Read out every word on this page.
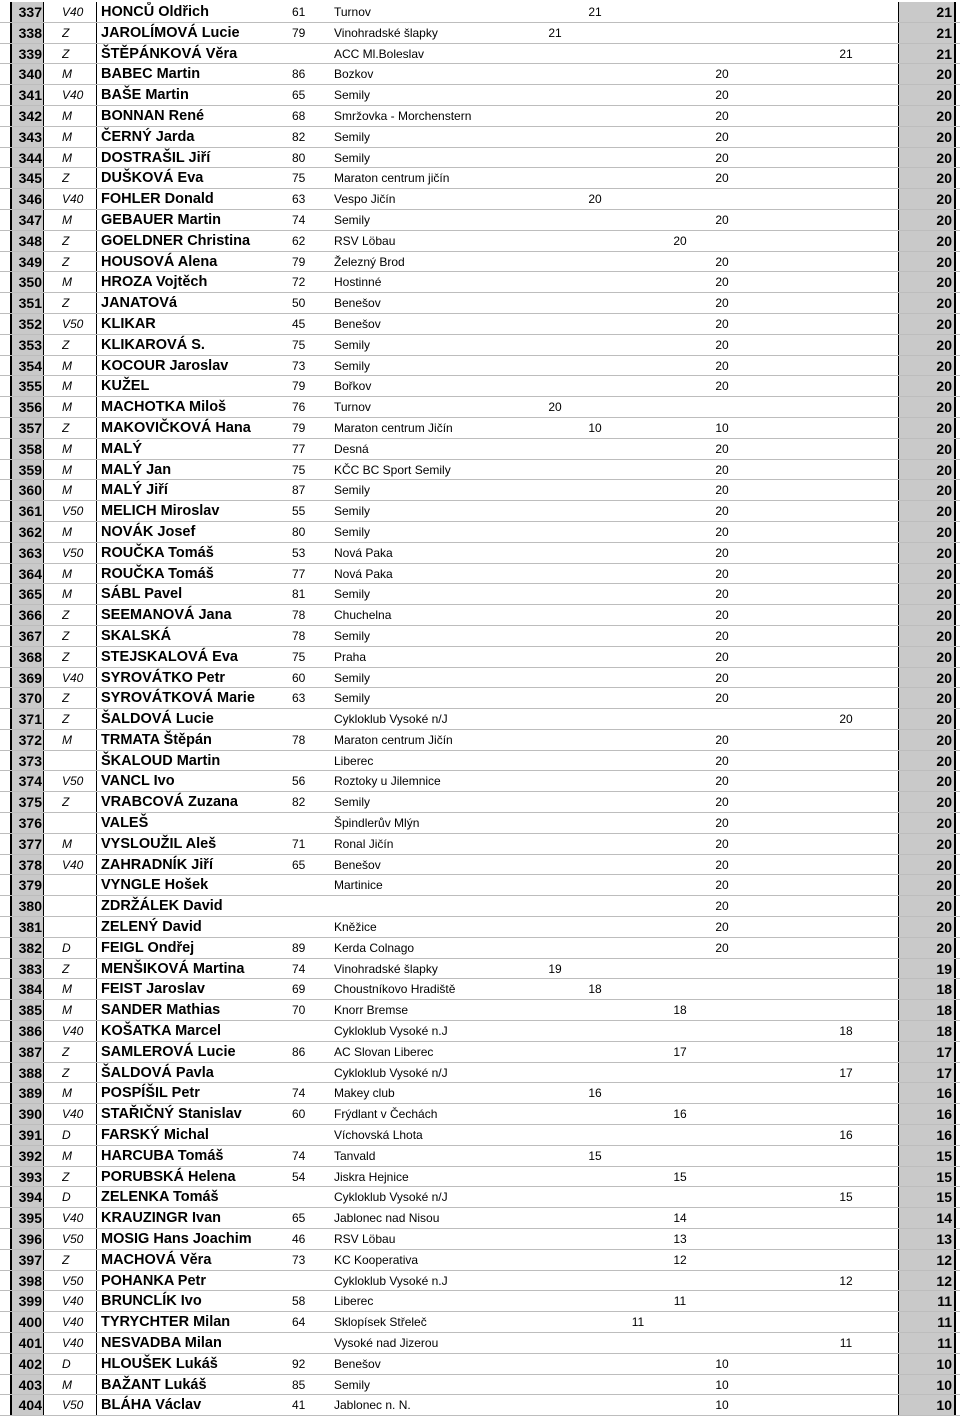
337 V40	HONCŮ Oldřich	61	Turnov	21	21
338 Z	JAROLÍMOVÁ Lucie	79	Vinohradské šlapky	21	21
339 Z	ŠTĚPÁNKOVÁ Věra	ACC Ml.Boleslav	21	21
340 M	BABEC Martin	86	Bozkov	20	20
341 V40	BAŠE Martin	65	Semily	20	20
342 M	BONNAN René	68	Smržovka - Morchenstern	20	20
343 M	ČERNÝ Jarda	82	Semily	20	20
344 M	DOSTRAŠIL Jiří	80	Semily	20	20
345 Z	DUŠKOVÁ Eva	75	Maraton centrum jičín	20	20
346 V40	FOHLER Donald	63	Vespo Jičín	20	20
347 M	GEBAUER Martin	74	Semily	20	20
348 Z	GOELDNER Christina	62	RSV Löbau	20	20
349 Z	HOUSOVÁ Alena	79	Železný Brod	20	20
350 M	HROZA Vojtěch	72	Hostinné	20	20
351 Z	JANATOVá	50	Benešov	20	20
352 V50	KLIKAR	45	Benešov	20	20
353 Z	KLIKAROVÁ S.	75	Semily	20	20
354 M	KOCOUR Jaroslav	73	Semily	20	20
355 M	KUŽEL	79	Bořkov	20	20
356 M	MACHOTKA Miloš	76	Turnov	20	20
357 Z	MAKOVIČKOVÁ Hana	79	Maraton centrum Jičín	10	10	20
358 M	MALÝ	77	Desná	20	20
359 M	MALÝ Jan	75	KČC BC Sport Semily	20	20
360 M	MALÝ Jiří	87	Semily	20	20
361 V50	MELICH Miroslav	55	Semily	20	20
362 M	NOVÁK Josef	80	Semily	20	20
363 V50	ROUČKA Tomáš	53	Nová Paka	20	20
364 M	ROUČKA Tomáš	77	Nová Paka	20	20
365 M	SÁBL Pavel	81	Semily	20	20
366 Z	SEEMANOVÁ Jana	78	Chuchelna	20	20
367 Z	SKALSKÁ	78	Semily	20	20
368 Z	STEJSKALOVÁ Eva	75	Praha	20	20
369 V40	SYROVÁTKO Petr	60	Semily	20	20
370 Z	SYROVÁTKOVÁ Marie	63	Semily	20	20
371 Z	ŠALDOVÁ Lucie	Cykloklub Vysoké n/J	20	20
372 M	TRMATA Štěpán	78	Maraton centrum Jičín	20	20
373	ŠKALOUD Martin	Liberec	20	20
374 V50	VANCL Ivo	56	Roztoky u Jilemnice	20	20
375 Z	VRABCOVÁ Zuzana	82	Semily	20	20
376	VALEŠ	Špindlerův Mlýn	20	20
377 M	VYSLOUŽIL Aleš	71	Ronal Jičín	20	20
378 V40	ZAHRADNÍK Jiří	65	Benešov	20	20
379	VYNGLE Hošek	Martinice	20	20
380	ZDRŽÁLEK David	20	20
381	ZELENÝ David	Kněžice	20	20
382 D	FEIGL Ondřej	89	Kerda Colnago	20	20
383 Z	MENŠIKOVÁ Martina	74	Vinohradské šlapky	19	19
384 M	FEIST Jaroslav	69	Choustníkovo Hradiště	18	18
385 M	SANDER Mathias	70	Knorr Bremse	18	18
386 V40	KOŠATKA Marcel	Cykloklub Vysoké n.J	18	18
387 Z	SAMLEROVÁ Lucie	86	AC Slovan Liberec	17	17
388 Z	ŠALDOVÁ Pavla	Cykloklub Vysoké n/J	17	17
389 M	POSPÍŠIL Petr	74	Makey club	16	16
390 V40	STAŘIČNÝ Stanislav	60	Frýdlant v Čechách	16	16
391 D	FARSKÝ Michal	Víchovská Lhota	16	16
392 M	HARCUBA Tomáš	74	Tanvald	15	15
393 Z	PORUBSKÁ Helena	54	Jiskra Hejnice	15	15
394 D	ZELENKA Tomáš	Cykloklub Vysoké n/J	15	15
395 V40	KRAUZINGR Ivan	65	Jablonec nad Nisou	14	14
396 V50	MOSIG Hans Joachim	46	RSV Löbau	13	13
397 Z	MACHOVÁ Věra	73	KC Kooperativa	12	12
398 V50	POHANKA Petr	Cykloklub Vysoké n.J	12	12
399 V40	BRUNCLÍK Ivo	58	Liberec	11	11
400 V40	TYRYCHTER Milan	64	Sklopísek Střeleč	11	11
401 V40	NESVADBA Milan	Vysoké nad Jizerou	11	11
402 D	HLOUŠEK Lukáš	92	Benešov	10	10
403 M	BAŽANT Lukáš	85	Semily	10	10
404 V50	BLÁHA Václav	41	Jablonec n. N.	10	10
